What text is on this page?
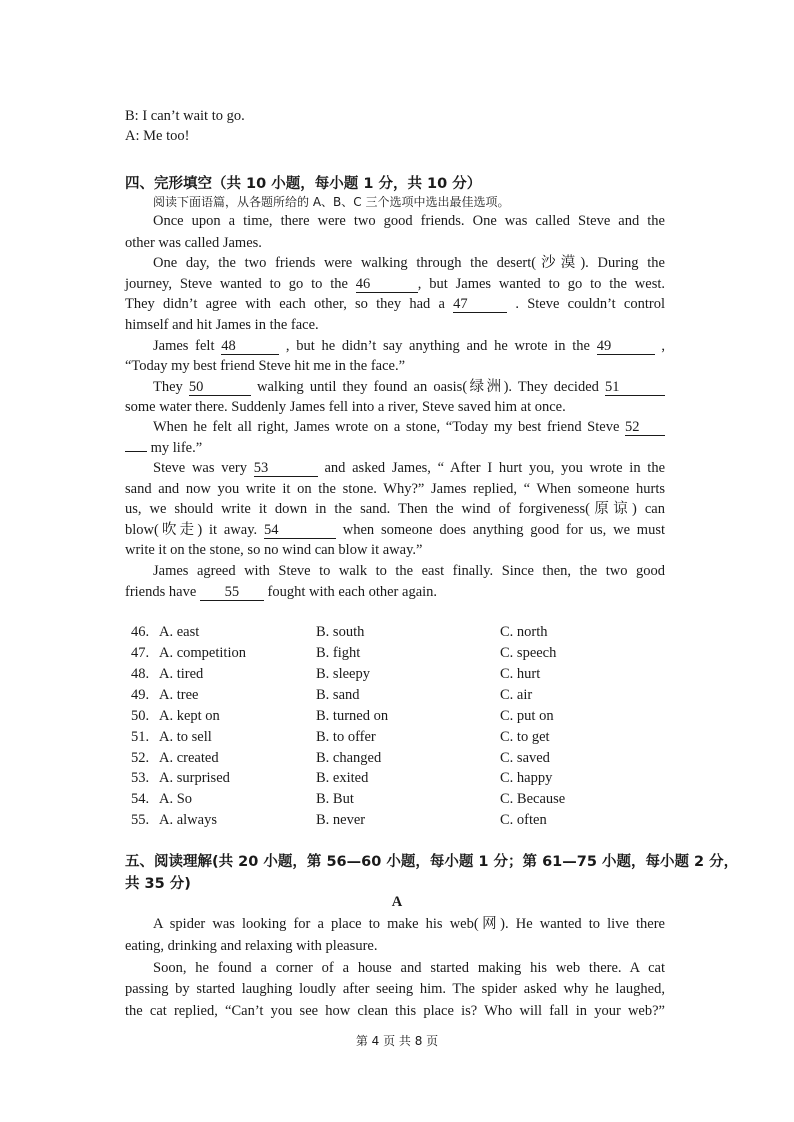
B: I can’t wait to go.
A: Me too!
四、完形填空（共 10 小题，每小题 1 分，共 10 分）
阅读下面语篇，从各题所给的 A、B、C 三个选项中选出最佳选项。
Once upon a time, there were two good friends. One was called Steve and the
other was called James.
One day, the two friends were walking through the desert(沙漠). During the
journey, Steve wanted to go to the 46	, but James wanted to go to the west.
They didn’t agree with each other, so they had a 47	. Steve couldn’t control
himself and hit James in the face.
James felt 48	, but he didn’t say anything and he wrote in the 49	,
“Today my best friend Steve hit me in the face.”
They 50	walking until they found an oasis(绿洲). They decided 51
some water there. Suddenly James fell into a river, Steve saved him at once.
When he felt all right, James wrote on a stone, “Today my best friend Steve 52
my life.”
Steve was very 53	and asked James, “ After I hurt you, you wrote in the
sand and now you write it on the stone. Why?” James replied, “ When someone hurts
us, we should write it down in the sand. Then the wind of forgiveness(原谅) can
blow(吹走) it away. 54	when someone does anything good for us, we must
write it on the stone, so no wind can blow it away.”
James agreed with Steve to walk to the east finally. Since then, the two good
friends have 55 fought with each other again.
46. A. east	B. south	C. north
47. A. competition	B. fight	C. speech
48. A. tired	B. sleepy	C. hurt
49. A. tree	B. sand	C. air
50. A. kept on	B. turned on	C. put on
51. A. to sell	B. to offer	C. to get
52. A. created	B. changed	C. saved
53. A. surprised	B. exited	C. happy
54. A. So	B. But	C. Because
55. A. always	B. never	C. often
五、阅读理解(共 20 小题，第 56—60 小题，每小题 1 分；第 61—75 小题，每小题 2 分，
共 35 分)
A
A spider was looking for a place to make his web(网). He wanted to live there
eating, drinking and relaxing with pleasure.
Soon, he found a corner of a house and started making his web there. A cat
passing by started laughing loudly after seeing him. The spider asked why he laughed,
the cat replied, “Can’t you see how clean this place is? Who will fall in your web?”
第 4 页 共 8 页
